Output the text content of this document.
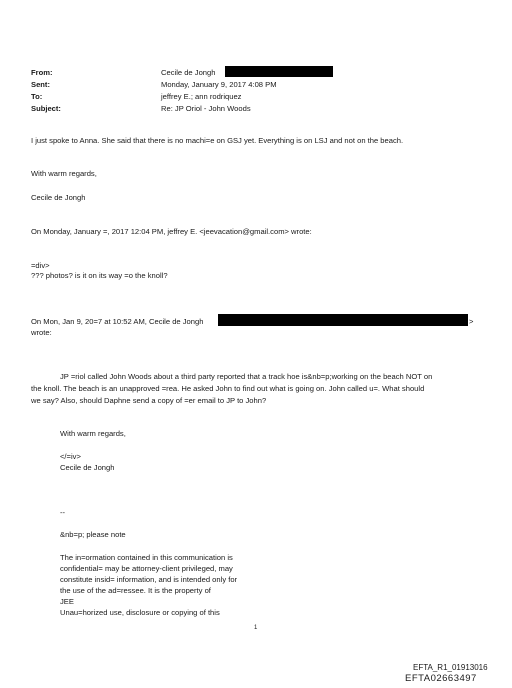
From:
Sent:
To:
Subject:
Cecile de Jongh
Monday, January 9, 2017 4:08 PM
jeffrey E.; ann rodriquez
Re: JP Oriol - John Woods
I just spoke to Anna. She said that there is no machi=e on GSJ yet. Everything is on LSJ and not on the beach.
With warm regards,
Cecile de Jongh
On Monday, January =, 2017 12:04 PM, jeffrey E. <jeevacation@gmail.com> wrote:
=div>
??? photos? is it on its way =o the knoll?
On Mon, Jan 9, 20=7 at 10:52 AM, Cecile de Jongh	>
wrote:
JP =riol called John Woods about a third party reported that a track hoe is&nb=p;working on the beach NOT on
the knoll. The beach is an unapproved =rea. He asked John to find out what is going on. John called u=. What should
we say? Also, should Daphne send a copy of =er email to JP to John?
With warm regards,
</=iv>
Cecile de Jongh
--
&nb=p; please note
The in=ormation contained in this communication is
confidential= may be attorney-client privileged, may
constitute insid= information, and is intended only for
the use of the ad=ressee. It is the property of
JEE
Unau=horized use, disclosure or copying of this
1
EFTA_R1_01913016
EFTA02663497
